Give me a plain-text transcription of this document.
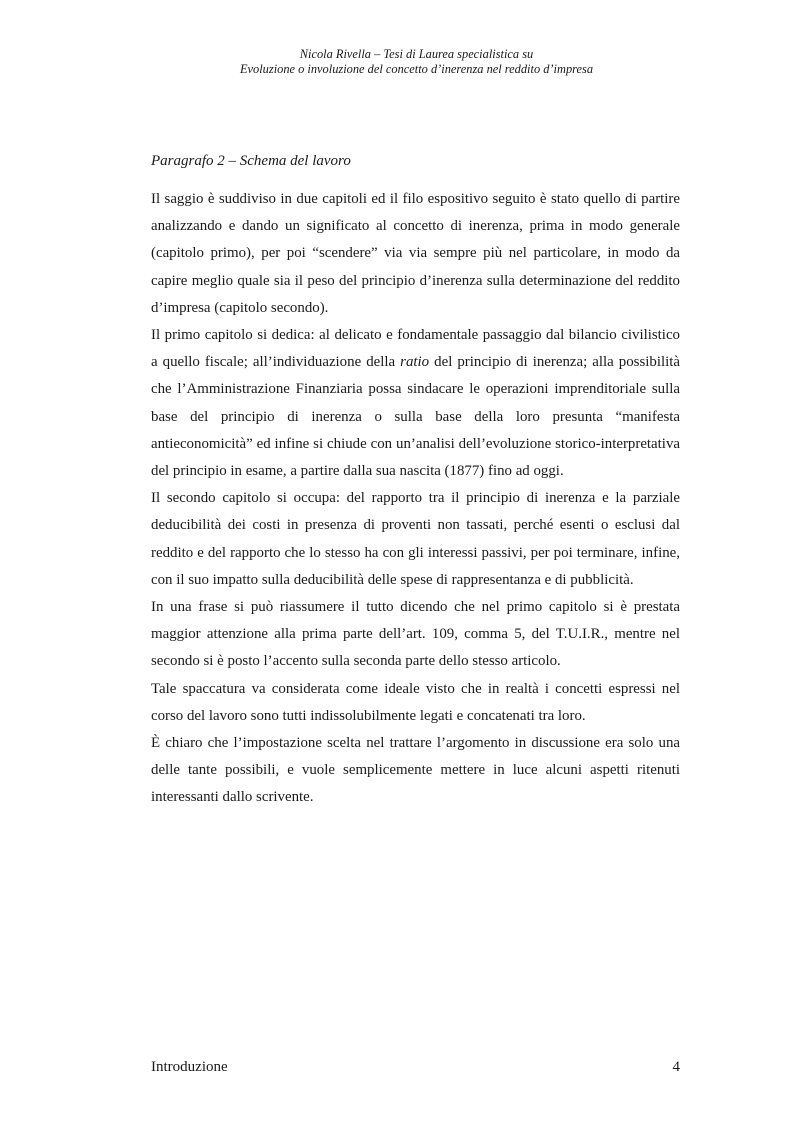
Nicola Rivella – Tesi di Laurea specialistica su
Evoluzione o involuzione del concetto d’inerenza nel reddito d’impresa
Paragrafo 2 – Schema del lavoro

Il saggio è suddiviso in due capitoli ed il filo espositivo seguito è stato quello di partire analizzando e dando un significato al concetto di inerenza, prima in modo generale (capitolo primo), per poi “scendere” via via sempre più nel particolare, in modo da capire meglio quale sia il peso del principio d’inerenza sulla determinazione del reddito d’impresa (capitolo secondo).

Il primo capitolo si dedica: al delicato e fondamentale passaggio dal bilancio civilistico a quello fiscale; all’individuazione della ratio del principio di inerenza; alla possibilità che l’Amministrazione Finanziaria possa sindacare le operazioni imprenditoriale sulla base del principio di inerenza o sulla base della loro presunta “manifesta antieconomicità” ed infine si chiude con un’analisi dell’evoluzione storico-interpretativa del principio in esame, a partire dalla sua nascita (1877) fino ad oggi.

Il secondo capitolo si occupa: del rapporto tra il principio di inerenza e la parziale deducibilità dei costi in presenza di proventi non tassati, perché esenti o esclusi dal reddito e del rapporto che lo stesso ha con gli interessi passivi, per poi terminare, infine, con il suo impatto sulla deducibilità delle spese di rappresentanza e di pubblicità.

In una frase si può riassumere il tutto dicendo che nel primo capitolo si è prestata maggior attenzione alla prima parte dell’art. 109, comma 5, del T.U.I.R., mentre nel secondo si è posto l’accento sulla seconda parte dello stesso articolo.

Tale spaccatura va considerata come ideale visto che in realtà i concetti espressi nel corso del lavoro sono tutti indissolubilmente legati e concatenati tra loro.

È chiaro che l’impostazione scelta nel trattare l’argomento in discussione era solo una delle tante possibili, e vuole semplicemente mettere in luce alcuni aspetti ritenuti interessanti dallo scrivente.

Introduzione	4
